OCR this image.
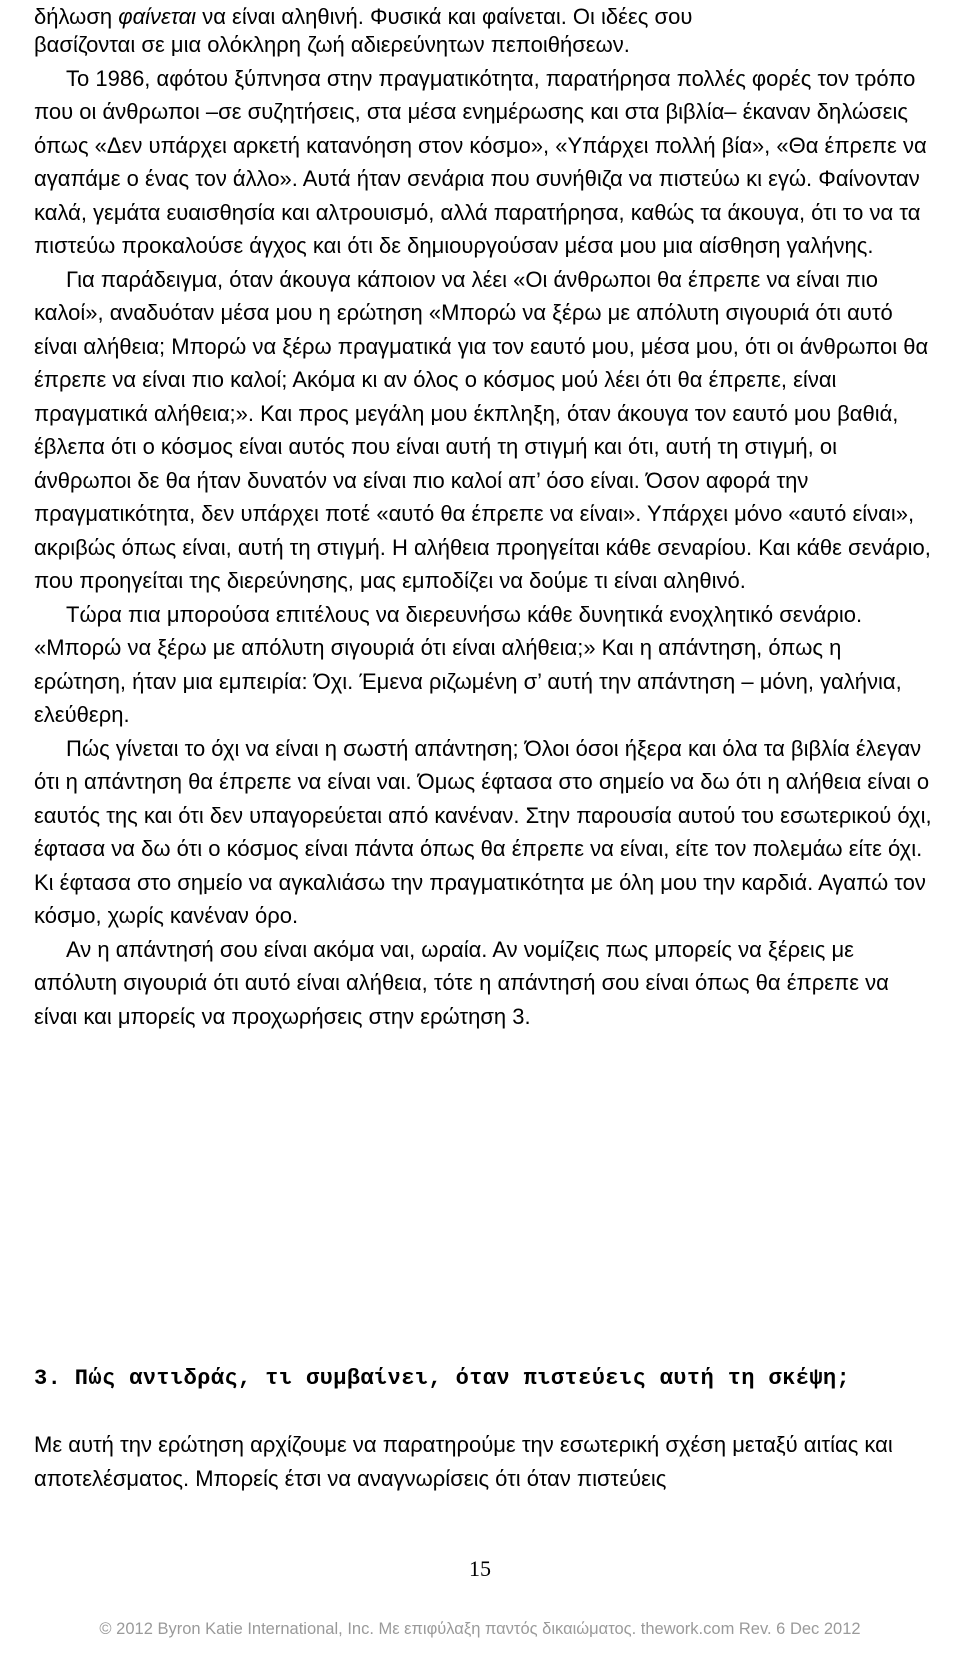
δήλωση φαίνεται να είναι αληθινή. Φυσικά και φαίνεται. Οι ιδέες σου

βασίζονται σε μια ολόκληρη ζωή αδιερεύνητων πεποιθήσεων.

Το 1986, αφότου ξύπνησα στην πραγματικότητα, παρατήρησα πολλές φορές τον τρόπο που οι άνθρωποι –σε συζητήσεις, στα μέσα ενημέρωσης και στα βιβλία– έκαναν δηλώσεις όπως «Δεν υπάρχει αρκετή κατανόηση στον κόσμο», «Υπάρχει πολλή βία», «Θα έπρεπε να αγαπάμε ο ένας τον άλλο». Αυτά ήταν σενάρια που συνήθιζα να πιστεύω κι εγώ. Φαίνονταν καλά, γεμάτα ευαισθησία και αλτρουισμό, αλλά παρατήρησα, καθώς τα άκουγα, ότι το να τα πιστεύω προκαλούσε άγχος και ότι δε δημιουργούσαν μέσα μου μια αίσθηση γαλήνης.

Για παράδειγμα, όταν άκουγα κάποιον να λέει «Οι άνθρωποι θα έπρεπε να είναι πιο καλοί», αναδυόταν μέσα μου η ερώτηση «Μπορώ να ξέρω με απόλυτη σιγουριά ότι αυτό είναι αλήθεια; Μπορώ να ξέρω πραγματικά για τον εαυτό μου, μέσα μου, ότι οι άνθρωποι θα έπρεπε να είναι πιο καλοί; Ακόμα κι αν όλος ο κόσμος μού λέει ότι θα έπρεπε, είναι πραγματικά αλήθεια;». Και προς μεγάλη μου έκπληξη, όταν άκουγα τον εαυτό μου βαθιά, έβλεπα ότι ο κόσμος είναι αυτός που είναι αυτή τη στιγμή και ότι, αυτή τη στιγμή, οι άνθρωποι δε θα ήταν δυνατόν να είναι πιο καλοί απ’ όσο είναι. Όσον αφορά την πραγματικότητα, δεν υπάρχει ποτέ «αυτό θα έπρεπε να είναι». Υπάρχει μόνο «αυτό είναι», ακριβώς όπως είναι, αυτή τη στιγμή. Η αλήθεια προηγείται κάθε σεναρίου. Και κάθε σενάριο, που προηγείται της διερεύνησης, μας εμποδίζει να δούμε τι είναι αληθινό.

Τώρα πια μπορούσα επιτέλους να διερευνήσω κάθε δυνητικά ενοχλητικό σενάριο. «Μπορώ να ξέρω με απόλυτη σιγουριά ότι είναι αλήθεια;» Και η απάντηση, όπως η ερώτηση, ήταν μια εμπειρία: Όχι. Έμενα ριζωμένη σ’ αυτή την απάντηση – μόνη, γαλήνια, ελεύθερη.

Πώς γίνεται το όχι να είναι η σωστή απάντηση; Όλοι όσοι ήξερα και όλα τα βιβλία έλεγαν ότι η απάντηση θα έπρεπε να είναι ναι. Όμως έφτασα στο σημείο να δω ότι η αλήθεια είναι ο εαυτός της και ότι δεν υπαγορεύεται από κανέναν. Στην παρουσία αυτού του εσωτερικού όχι, έφτασα να δω ότι ο κόσμος είναι πάντα όπως θα έπρεπε να είναι, είτε τον πολεμάω είτε όχι. Κι έφτασα στο σημείο να αγκαλιάσω την πραγματικότητα με όλη μου την καρδιά. Αγαπώ τον κόσμο, χωρίς κανέναν όρο.

Αν η απάντησή σου είναι ακόμα ναι, ωραία. Αν νομίζεις πως μπορείς να ξέρεις με απόλυτη σιγουριά ότι αυτό είναι αλήθεια, τότε η απάντησή σου είναι όπως θα έπρεπε να είναι και μπορείς να προχωρήσεις στην ερώτηση 3.

3. Πώς αντιδράς, τι συμβαίνει, όταν πιστεύεις αυτή τη σκέψη;

Με αυτή την ερώτηση αρχίζουμε να παρατηρούμε την εσωτερική σχέση μεταξύ αιτίας και αποτελέσματος. Μπορείς έτσι να αναγνωρίσεις ότι όταν πιστεύεις

15
© 2012 Byron Katie International, Inc. Με επιφύλαξη παντός δικαιώματος. thework.com Rev. 6 Dec 2012
